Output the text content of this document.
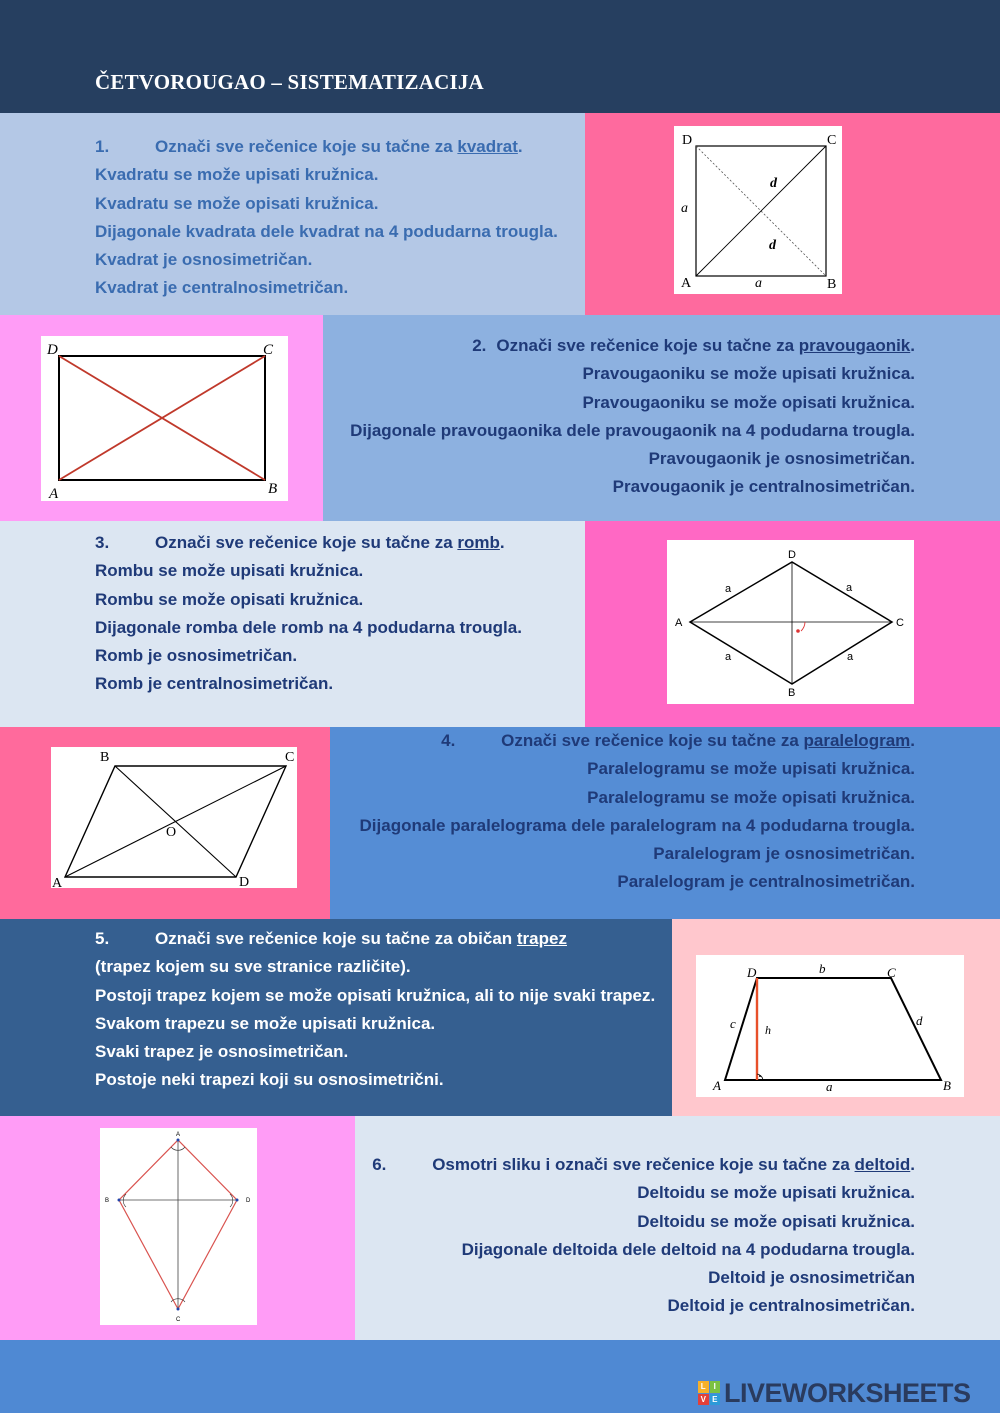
ČETVOROUGAO – SISTEMATIZACIJA
1.	Označi sve rečenice koje su tačne za kvadrat.
Kvadratu se može upisati kružnica.
Kvadratu se može opisati kružnica.
Dijagonale kvadrata dele kvadrat na 4 podudarna trougla.
Kvadrat je osnosimetričan.
Kvadrat je centralnosimetričan.
D	C
A	B
a
a
d
d
D	C
A	B
2. Označi sve rečenice koje su tačne za pravougaonik.
Pravougaoniku se može upisati kružnica.
Pravougaoniku se može opisati kružnica.
Dijagonale pravougaonika dele pravougaonik na 4 podudarna trougla.
Pravougaonik je osnosimetričan.
Pravougaonik je centralnosimetričan.
3.	Označi sve rečenice koje su tačne za romb.
Rombu se može upisati kružnica.
Rombu se može opisati kružnica.
Dijagonale romba dele romb na 4 podudarna trougla.
Romb je osnosimetričan.
Romb je centralnosimetričan.
D
C
A
B
a	a
a	a
B	C
A	D
O
4.	Označi sve rečenice koje su tačne za paralelogram.
Paralelogramu se može upisati kružnica.
Paralelogramu se može opisati kružnica.
Dijagonale paralelograma dele paralelogram na 4 podudarna trougla.
Paralelogram je osnosimetričan.
Paralelogram je centralnosimetričan.
5.	Označi sve rečenice koje su tačne za običan trapez
(trapez kojem su sve stranice različite).
Postoji trapez kojem se može opisati kružnica, ali to nije svaki trapez.
Svakom trapezu se može upisati kružnica.
Svaki trapez je osnosimetričan.
Postoje neki trapezi koji su osnosimetrični.
D	C
A	B
b
a
c	d
h
A
C
B	D
6.	Osmotri sliku i označi sve rečenice koje su tačne za deltoid.
Deltoidu se može upisati kružnica.
Deltoidu se može opisati kružnica.
Dijagonale deltoida dele deltoid na 4 podudarna trougla.
Deltoid je osnosimetričan
Deltoid je centralnosimetričan.
L I
V E LIVEWORKSHEETS
